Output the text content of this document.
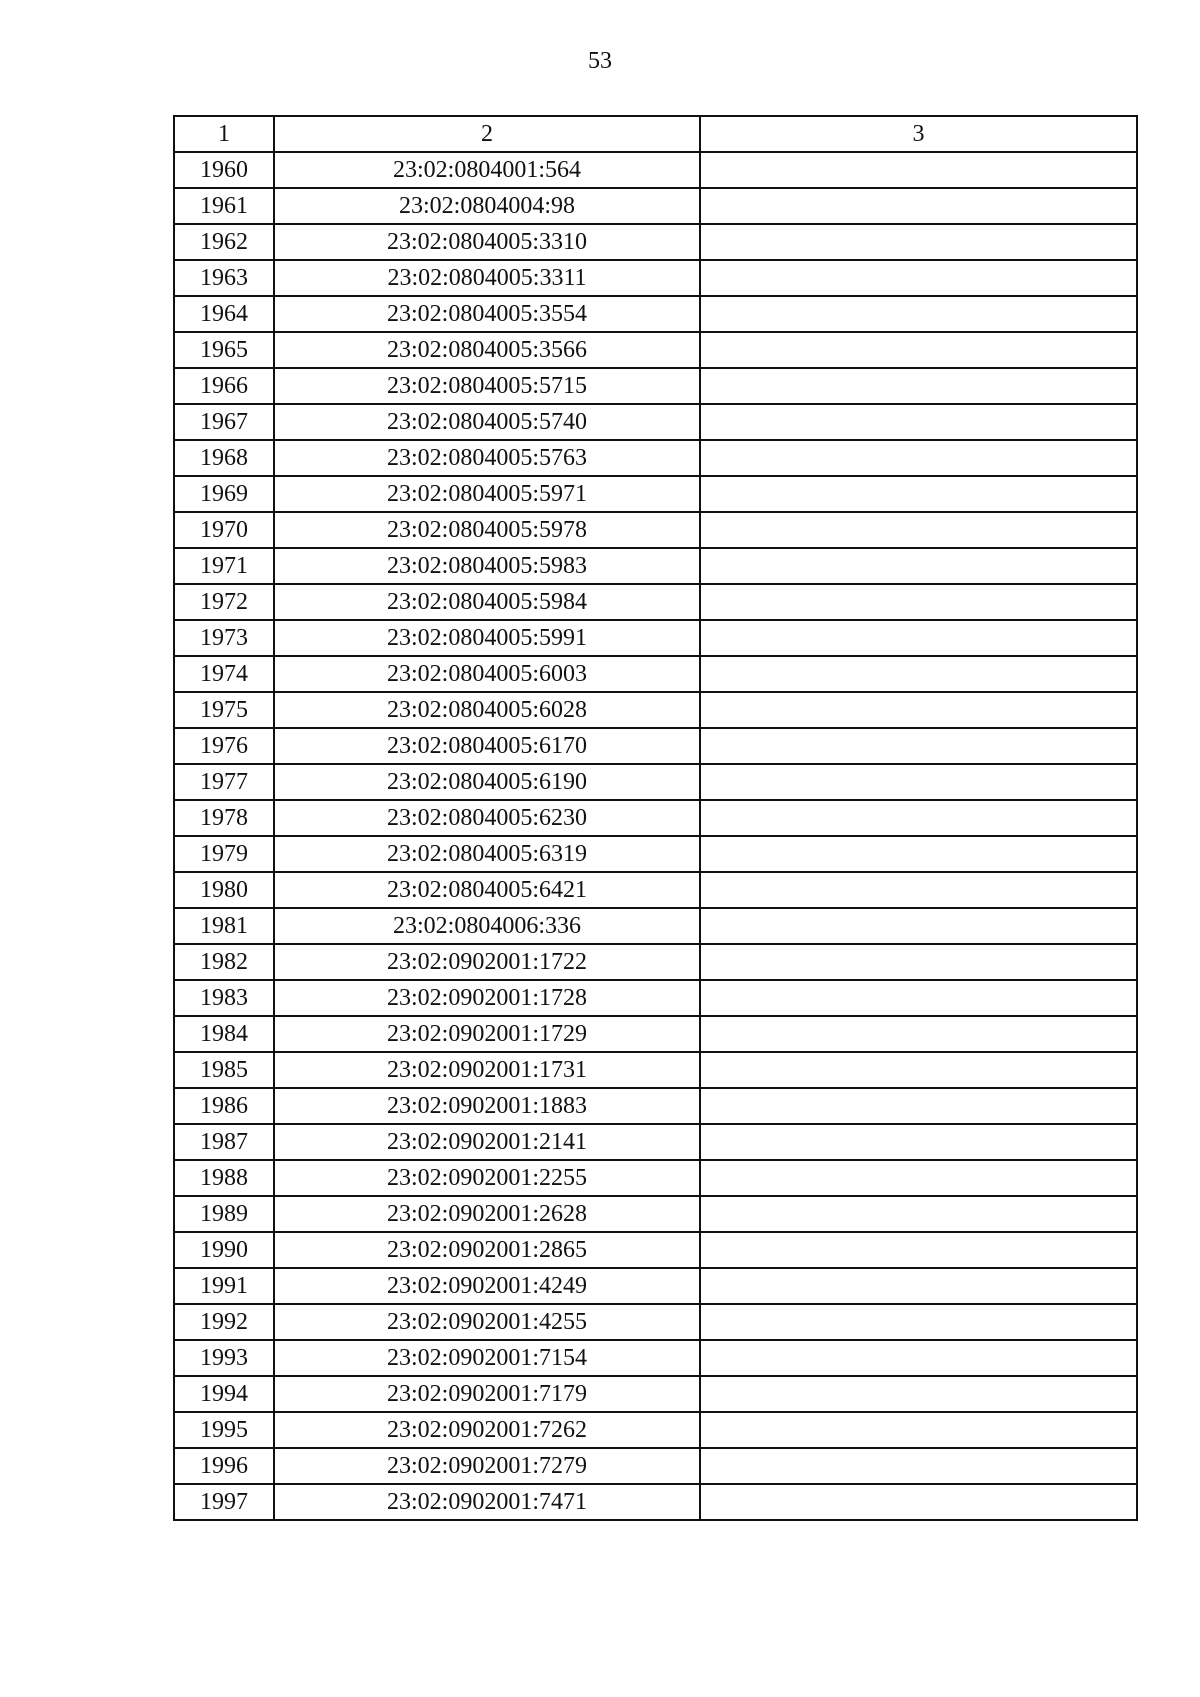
53
1	2	3
1960	23:02:0804001:564	
1961	23:02:0804004:98	
1962	23:02:0804005:3310	
1963	23:02:0804005:3311	
1964	23:02:0804005:3554	
1965	23:02:0804005:3566	
1966	23:02:0804005:5715	
1967	23:02:0804005:5740	
1968	23:02:0804005:5763	
1969	23:02:0804005:5971	
1970	23:02:0804005:5978	
1971	23:02:0804005:5983	
1972	23:02:0804005:5984	
1973	23:02:0804005:5991	
1974	23:02:0804005:6003	
1975	23:02:0804005:6028	
1976	23:02:0804005:6170	
1977	23:02:0804005:6190	
1978	23:02:0804005:6230	
1979	23:02:0804005:6319	
1980	23:02:0804005:6421	
1981	23:02:0804006:336	
1982	23:02:0902001:1722	
1983	23:02:0902001:1728	
1984	23:02:0902001:1729	
1985	23:02:0902001:1731	
1986	23:02:0902001:1883	
1987	23:02:0902001:2141	
1988	23:02:0902001:2255	
1989	23:02:0902001:2628	
1990	23:02:0902001:2865	
1991	23:02:0902001:4249	
1992	23:02:0902001:4255	
1993	23:02:0902001:7154	
1994	23:02:0902001:7179	
1995	23:02:0902001:7262	
1996	23:02:0902001:7279	
1997	23:02:0902001:7471	
